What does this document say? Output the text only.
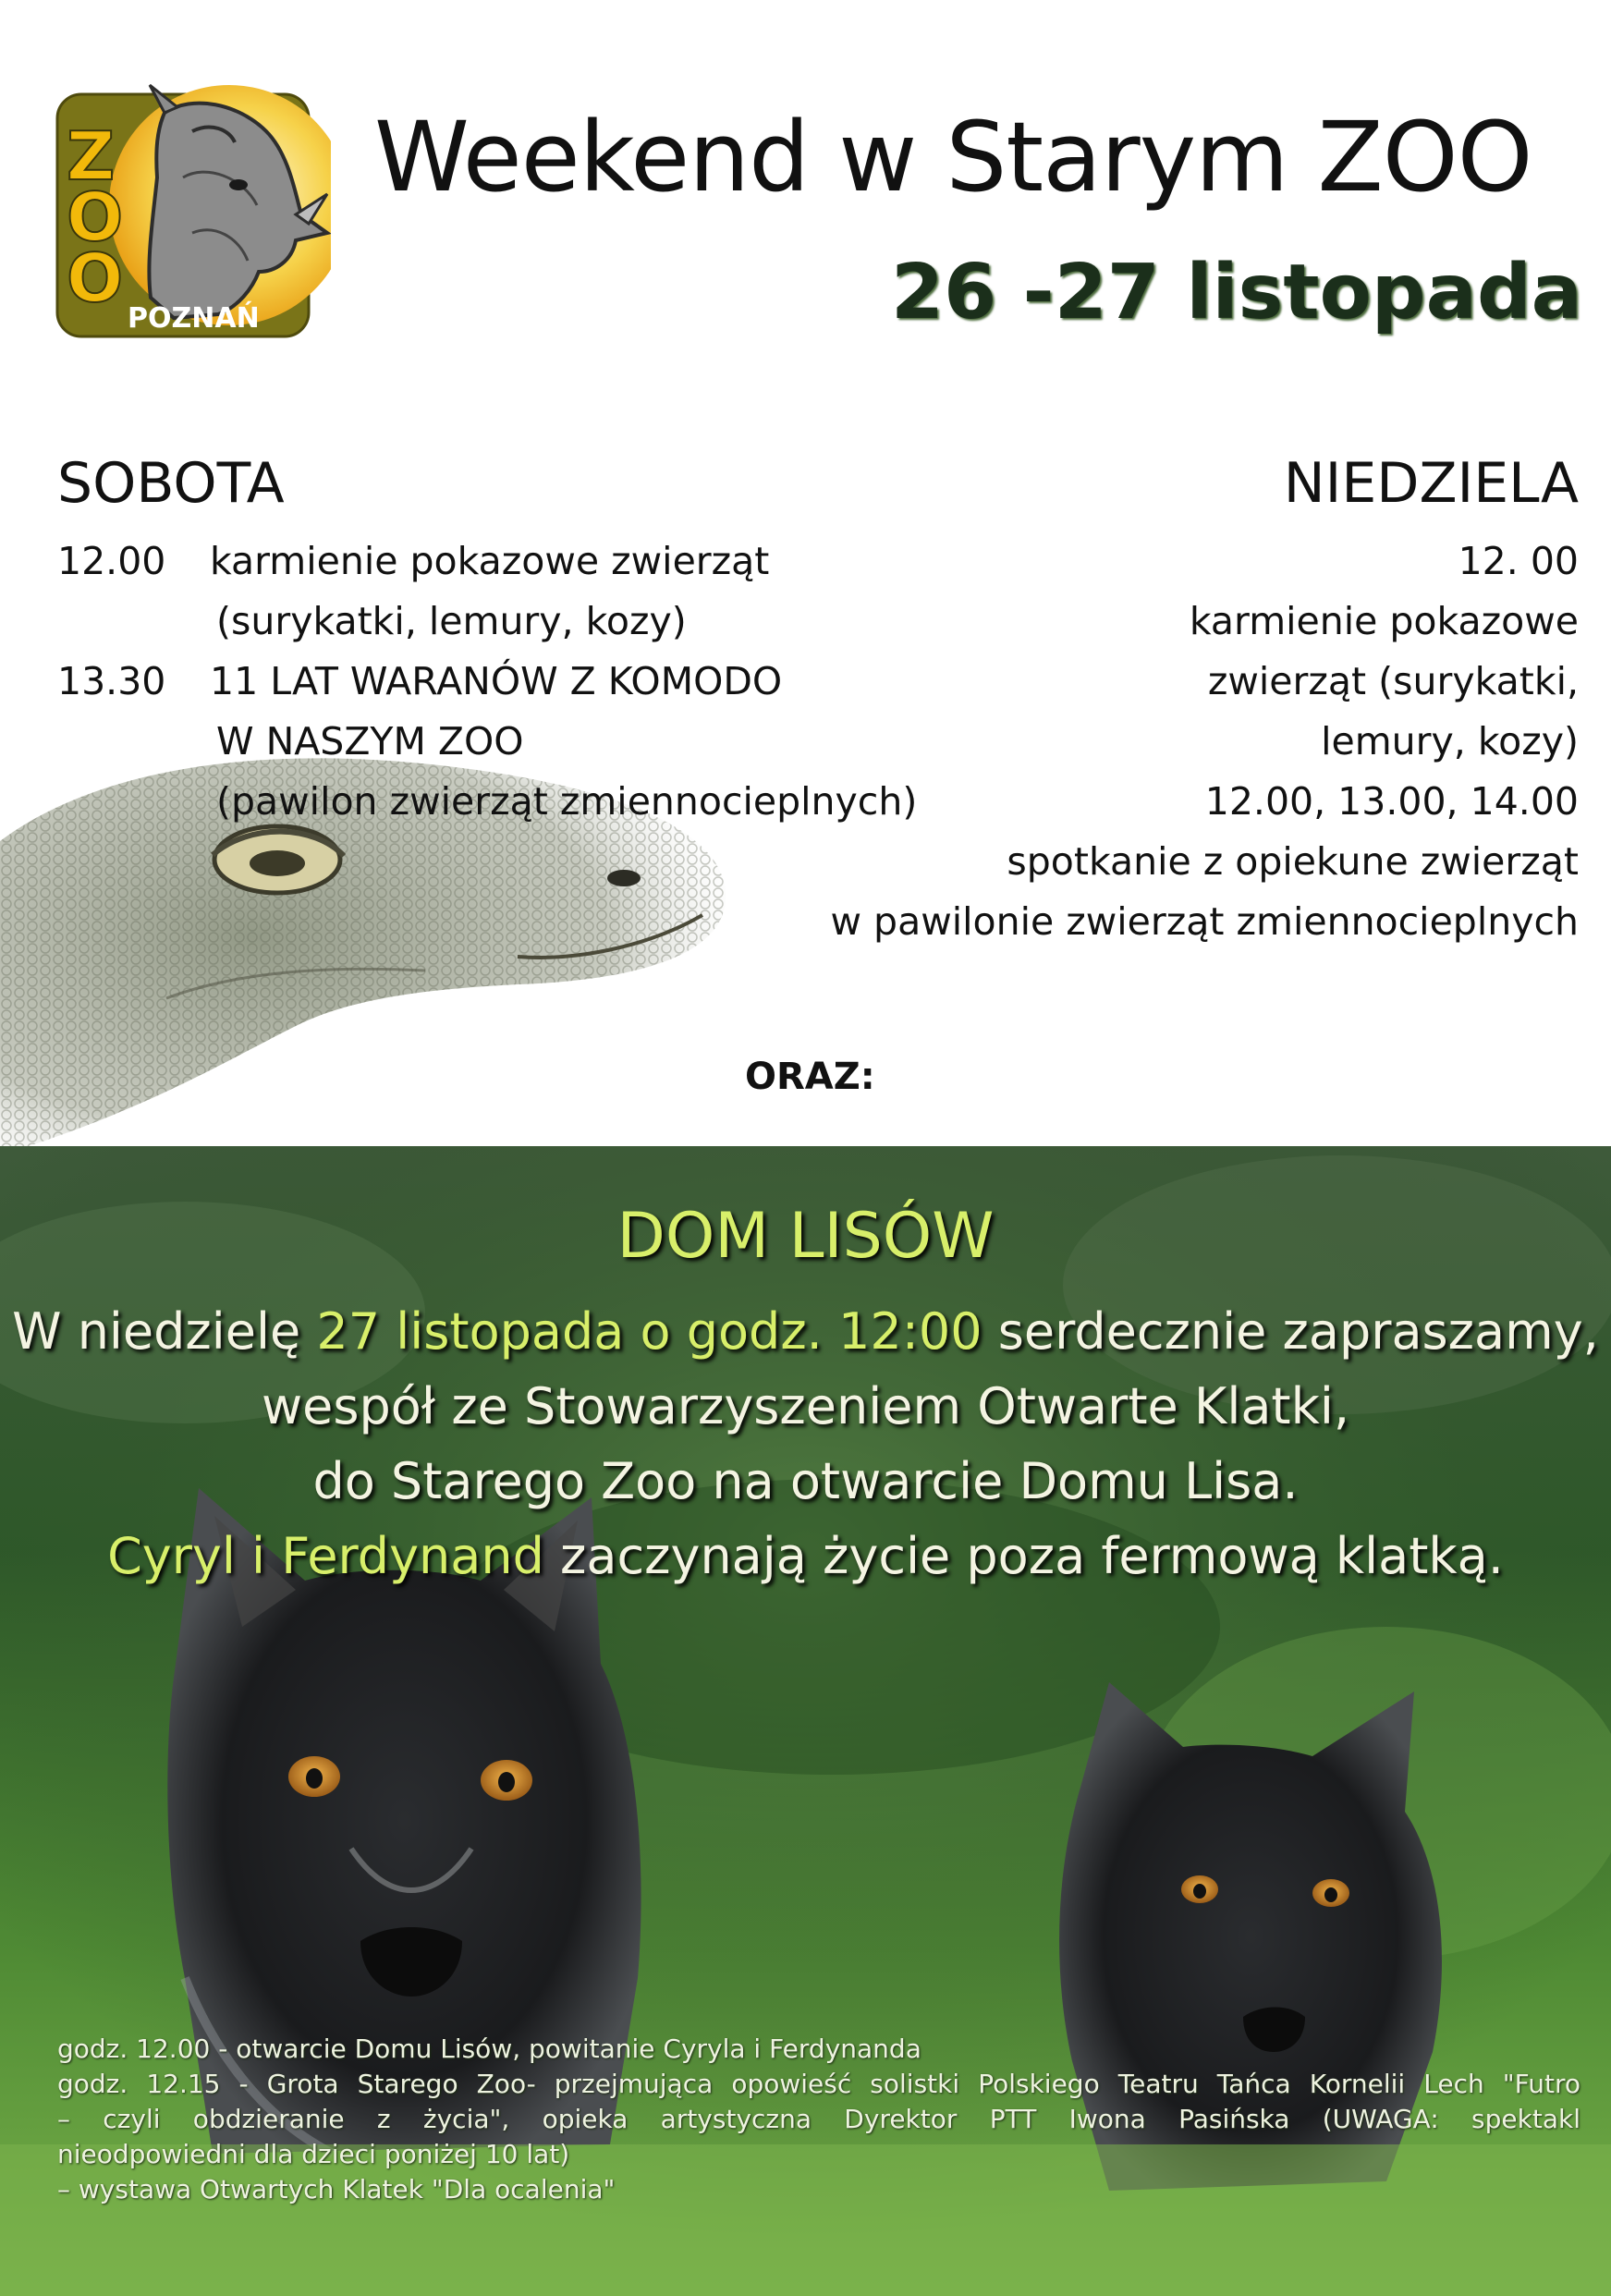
Z
O
O
POZNAŃ
Weekend w Starym ZOO
26 -27 listopada
SOBOTA	NIEDZIELA
12.00 karmienie pokazowe zwierząt
(surykatki, lemury, kozy)
13.30 11 LAT WARANÓW Z KOMODO
W NASZYM ZOO
(pawilon zwierząt zmiennocieplnych)
12. 00
karmienie pokazowe
zwierząt (surykatki,
lemury, kozy)
12.00, 13.00, 14.00
spotkanie z opiekune zwierząt
w pawilonie zwierząt zmiennocieplnych
ORAZ:
DOM LISÓW
W niedzielę 27 listopada o godz. 12:00 serdecznie zapraszamy,
wespół ze Stowarzyszeniem Otwarte Klatki,
do Starego Zoo na otwarcie Domu Lisa.
Cyryl i Ferdynand zaczynają życie poza fermową klatką.
godz. 12.00 - otwarcie Domu Lisów, powitanie Cyryla i Ferdynanda
godz. 12.15 - Grota Starego Zoo- przejmująca opowieść solistki Polskiego Teatru Tańca Kornelii Lech "Futro
– czyli obdzieranie z życia", opieka artystyczna Dyrektor PTT Iwona Pasińska (UWAGA: spektakl
nieodpowiedni dla dzieci poniżej 10 lat)
– wystawa Otwartych Klatek "Dla ocalenia"
